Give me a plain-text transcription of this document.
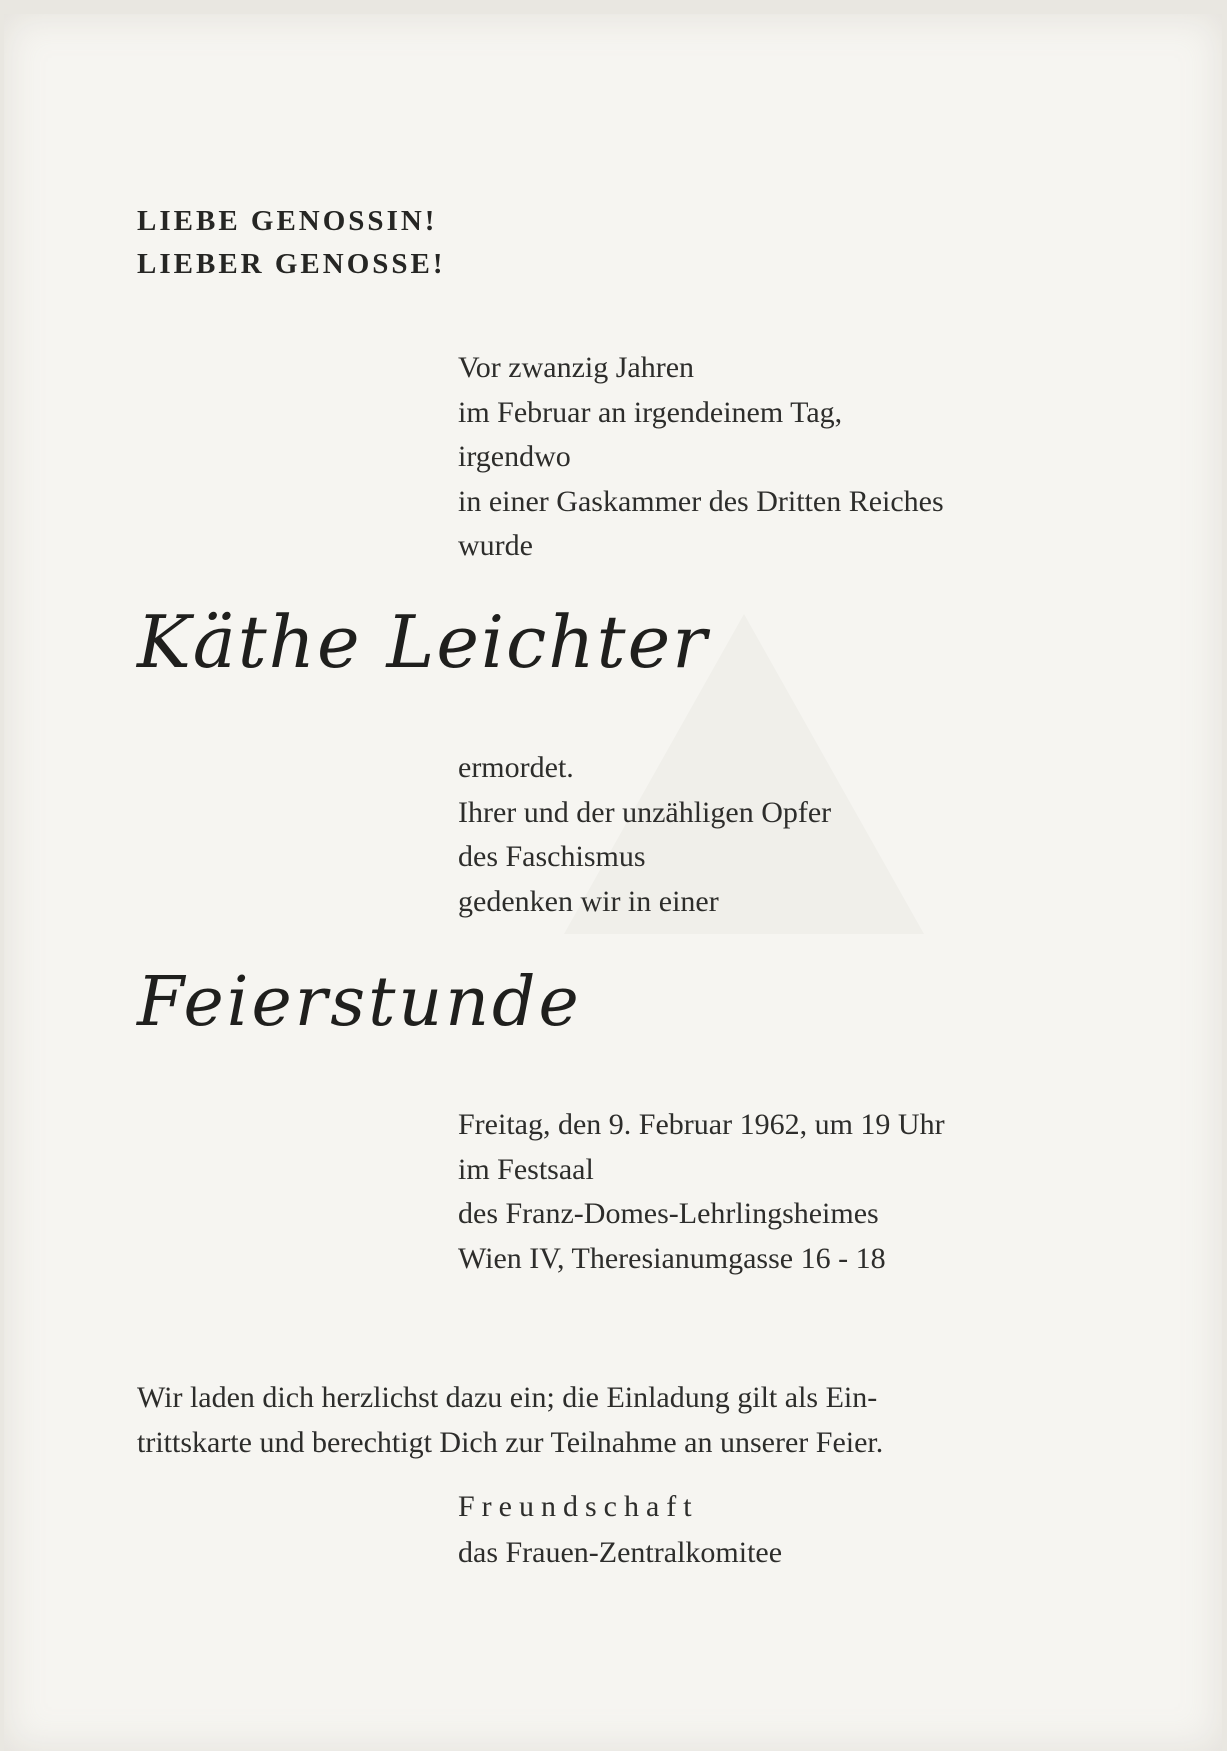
LIEBE GENOSSIN!
LIEBER GENOSSE!
Vor zwanzig Jahren
im Februar an irgendeinem Tag,
irgendwo
in einer Gaskammer des Dritten Reiches
wurde
Käthe Leichter
ermordet.
Ihrer und der unzähligen Opfer
des Faschismus
gedenken wir in einer
Feierstunde
Freitag, den 9. Februar 1962, um 19 Uhr
im Festsaal
des Franz-Domes-Lehrlingsheimes
Wien IV, Theresianumgasse 16 - 18
Wir laden dich herzlichst dazu ein; die Einladung gilt als Ein-
trittskarte und berechtigt Dich zur Teilnahme an unserer Feier.
Freundschaft
das Frauen-Zentralkomitee
